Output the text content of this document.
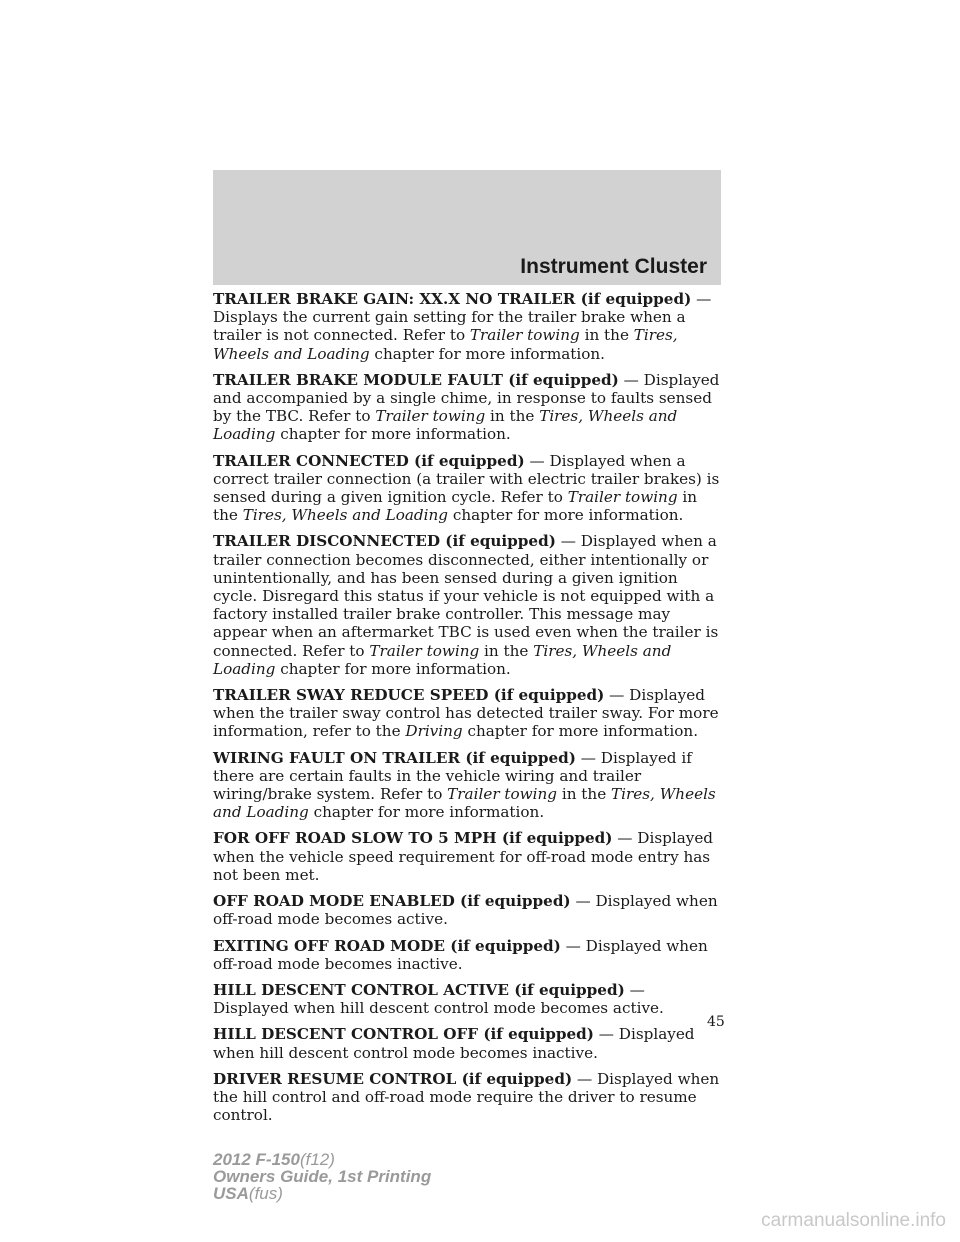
Instrument Cluster

TRAILER BRAKE GAIN: XX.X NO TRAILER (if equipped) — Displays the current gain setting for the trailer brake when a trailer is not connected. Refer to Trailer towing in the Tires, Wheels and Loading chapter for more information.

TRAILER BRAKE MODULE FAULT (if equipped) — Displayed and accompanied by a single chime, in response to faults sensed by the TBC. Refer to Trailer towing in the Tires, Wheels and Loading chapter for more information.

TRAILER CONNECTED (if equipped) — Displayed when a correct trailer connection (a trailer with electric trailer brakes) is sensed during a given ignition cycle. Refer to Trailer towing in the Tires, Wheels and Loading chapter for more information.

TRAILER DISCONNECTED (if equipped) — Displayed when a trailer connection becomes disconnected, either intentionally or unintentionally, and has been sensed during a given ignition cycle. Disregard this status if your vehicle is not equipped with a factory installed trailer brake controller. This message may appear when an aftermarket TBC is used even when the trailer is connected. Refer to Trailer towing in the Tires, Wheels and Loading chapter for more information.

TRAILER SWAY REDUCE SPEED (if equipped) — Displayed when the trailer sway control has detected trailer sway. For more information, refer to the Driving chapter for more information.

WIRING FAULT ON TRAILER (if equipped) — Displayed if there are certain faults in the vehicle wiring and trailer wiring/brake system. Refer to Trailer towing in the Tires, Wheels and Loading chapter for more information.

FOR OFF ROAD SLOW TO 5 MPH (if equipped) — Displayed when the vehicle speed requirement for off-road mode entry has not been met.

OFF ROAD MODE ENABLED (if equipped) — Displayed when off-road mode becomes active.

EXITING OFF ROAD MODE (if equipped) — Displayed when off-road mode becomes inactive.

HILL DESCENT CONTROL ACTIVE (if equipped) — Displayed when hill descent control mode becomes active.

HILL DESCENT CONTROL OFF (if equipped) — Displayed when hill descent control mode becomes inactive.

DRIVER RESUME CONTROL (if equipped) — Displayed when the hill control and off-road mode require the driver to resume control.

45
2012 F-150(f12)
Owners Guide, 1st Printing
USA(fus)
carmanualsonline.info
